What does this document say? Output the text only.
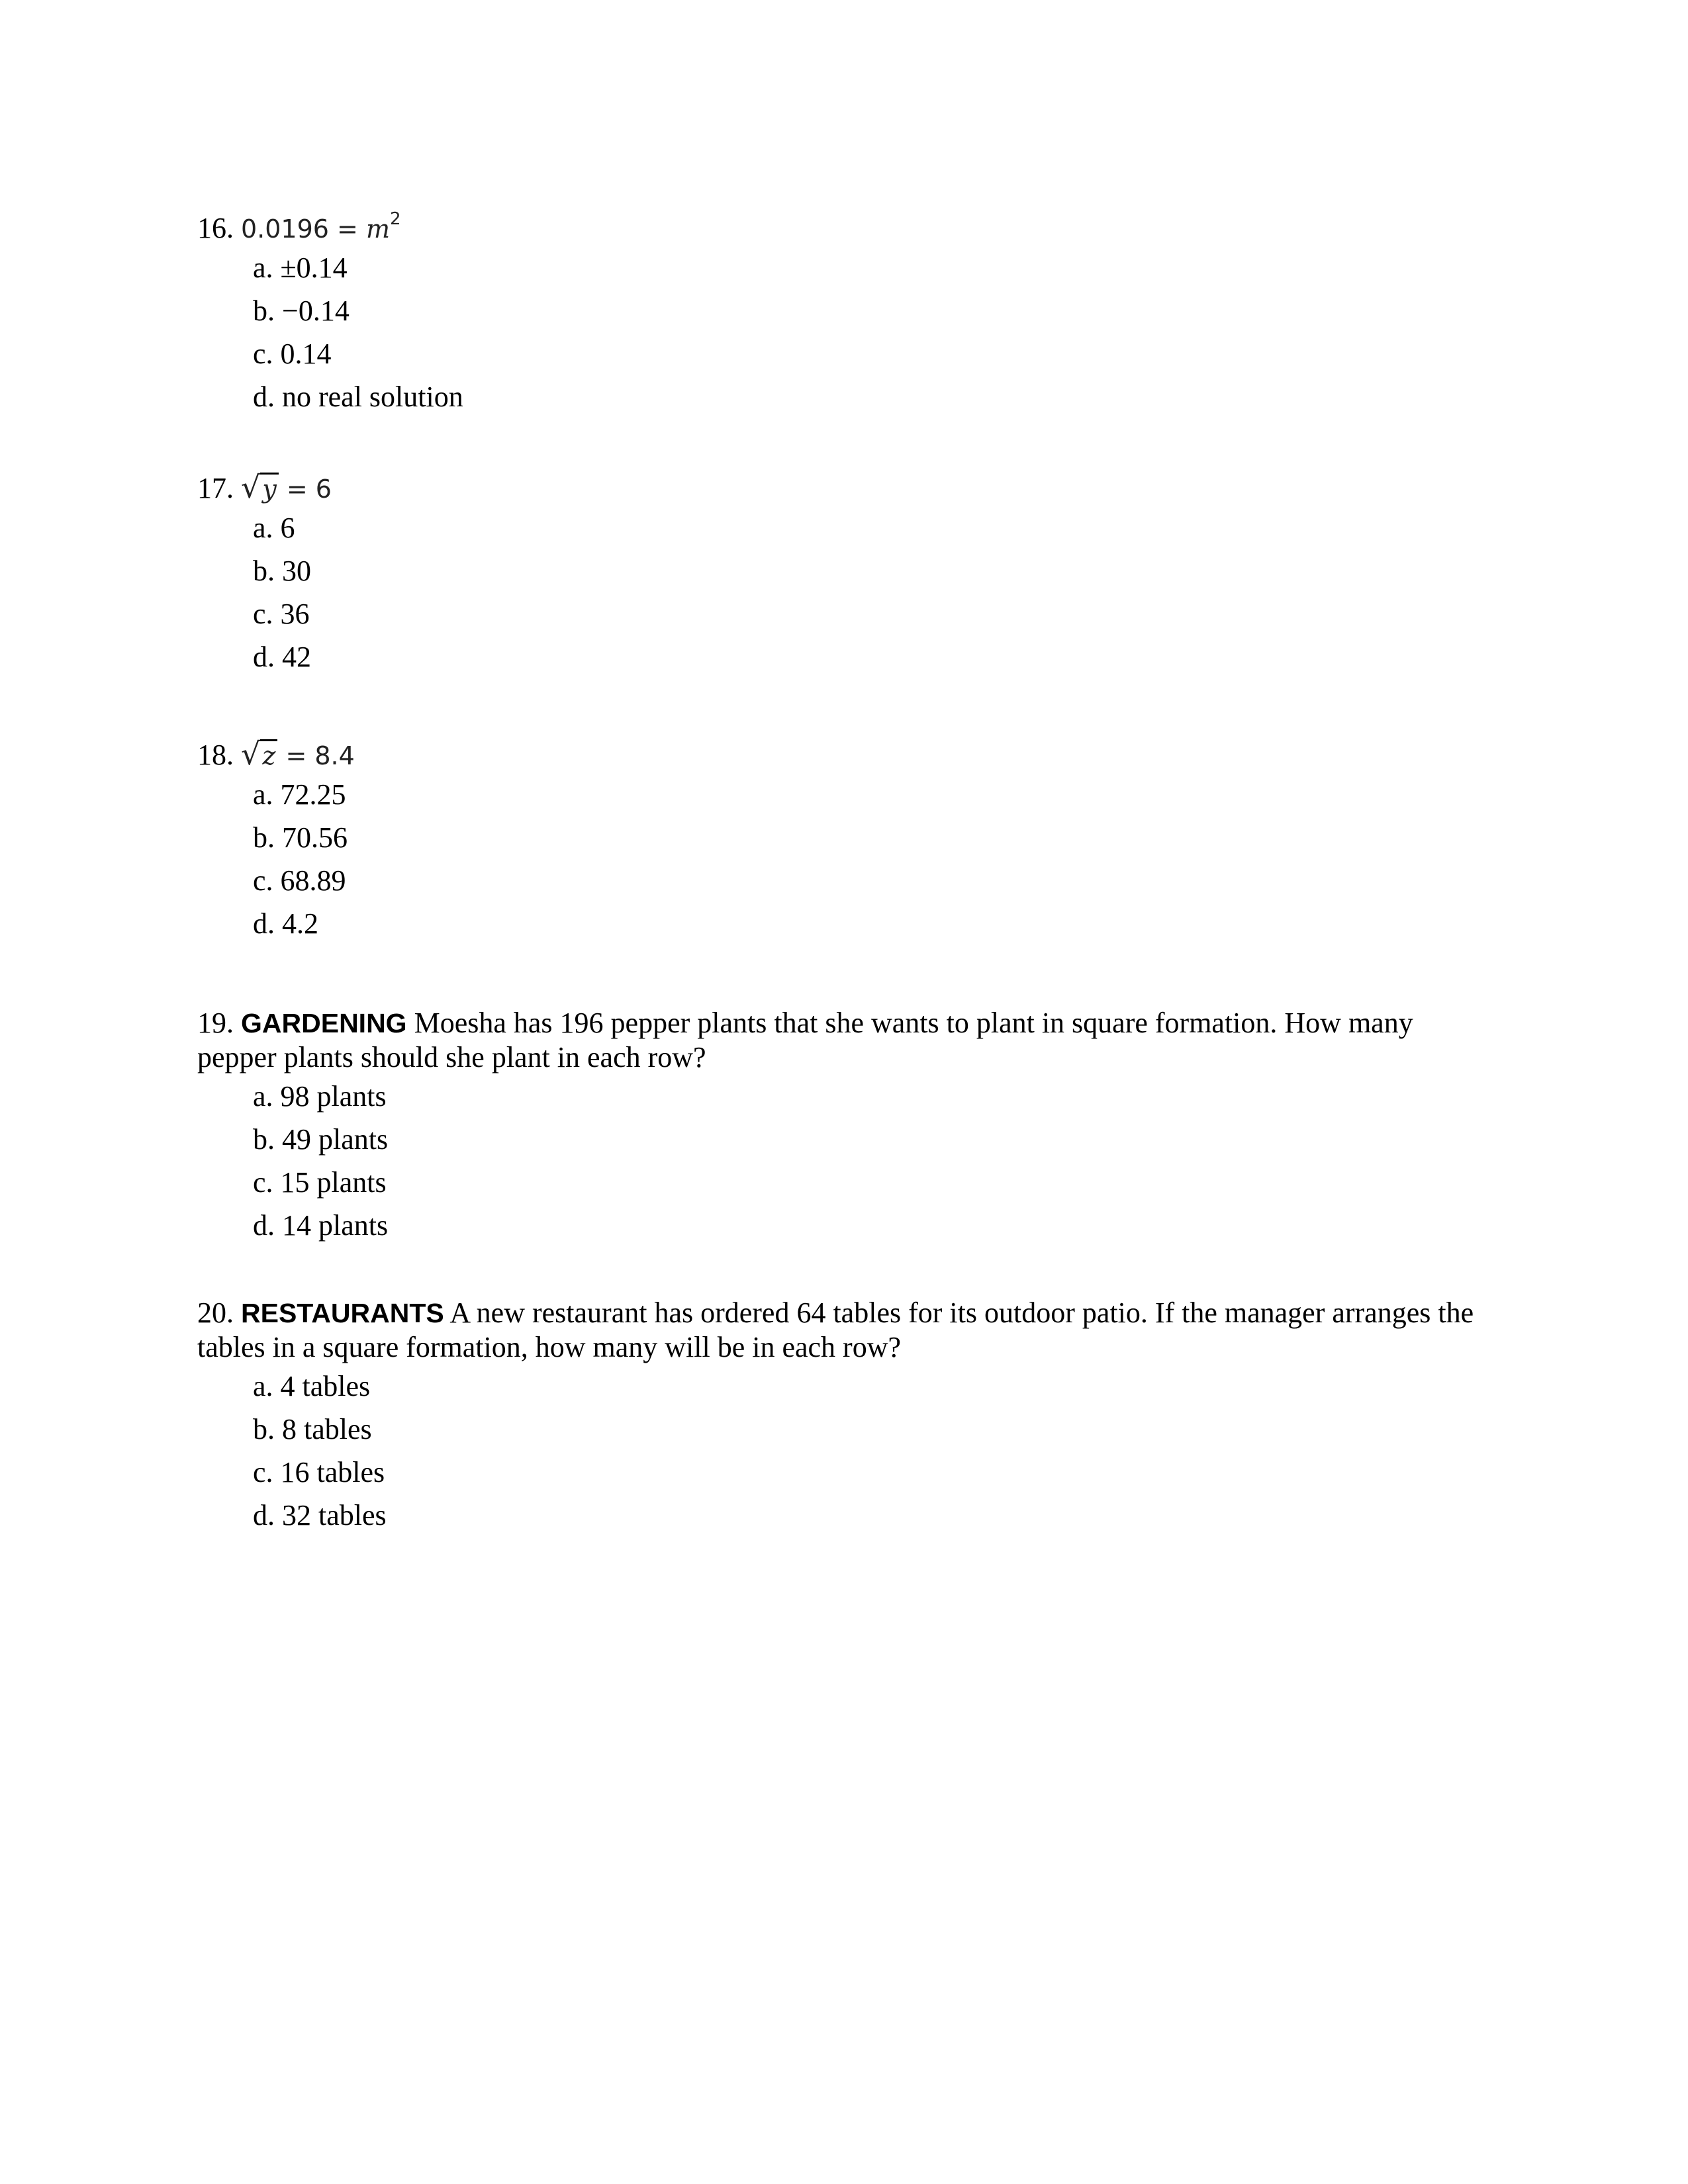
16. $0.0196 = m^2$
a. ±0.14
b. −0.14
c. 0.14
d. no real solution
17. √y = 6
a. 6
b. 30
c. 36
d. 42
18. √z = 8.4
a. 72.25
b. 70.56
c. 68.89
d. 4.2
19. GARDENING Moesha has 196 pepper plants that she wants to plant in square formation. How many pepper plants should she plant in each row?
a. 98 plants
b. 49 plants
c. 15 plants
d. 14 plants
20. RESTAURANTS A new restaurant has ordered 64 tables for its outdoor patio. If the manager arranges the tables in a square formation, how many will be in each row?
a. 4 tables
b. 8 tables
c. 16 tables
d. 32 tables
